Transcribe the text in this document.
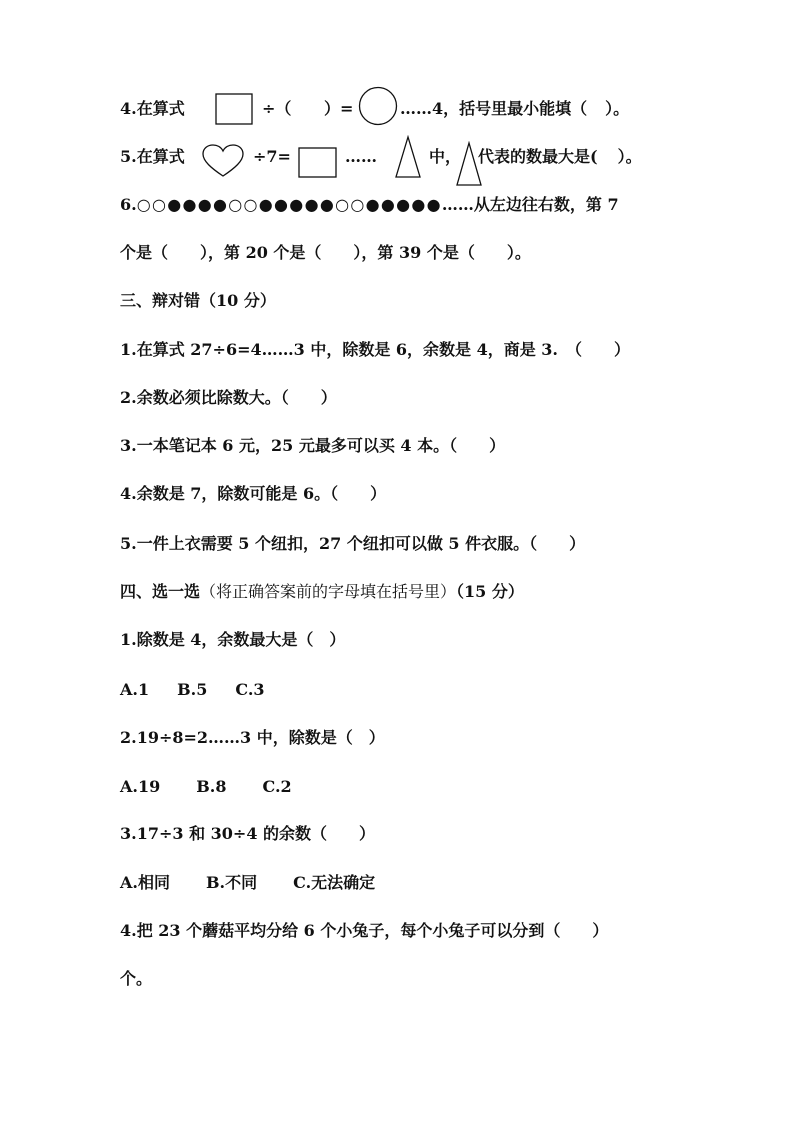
4.在算式	÷（ ）=	……4，括号里最小能填（ ）。
5.在算式	÷7=	……	中， 代表的数最大是( ）。
6.○○●●●●○○●●●●●○○●●●●●……从左边往右数，第 7
个是（　　），第 20 个是（　　），第 39 个是（　　）。
三、辩对错（10 分）
1.在算式 27÷6=4……3 中，除数是 6，余数是 4，商是 3.　（　　）
2.余数必须比除数大。（　　）
3.一本笔记本 6 元，25 元最多可以买 4 本。（　　）
4.余数是 7，除数可能是 6。（　　）
5.一件上衣需要 5 个纽扣，27 个纽扣可以做 5 件衣服。（　　）
四、选一选（将正确答案前的字母填在括号里）（15 分）
1.除数是 4，余数最大是（　）
A.1 B.5 C.3
2.19÷8=2……3 中，除数是（　）
A.19 B.8 C.2
3.17÷3 和 30÷4 的余数（　　）
A.相同 B.不同 C.无法确定
4.把 23 个蘑菇平均分给 6 个小兔子，每个小兔子可以分到（　　）
个。
